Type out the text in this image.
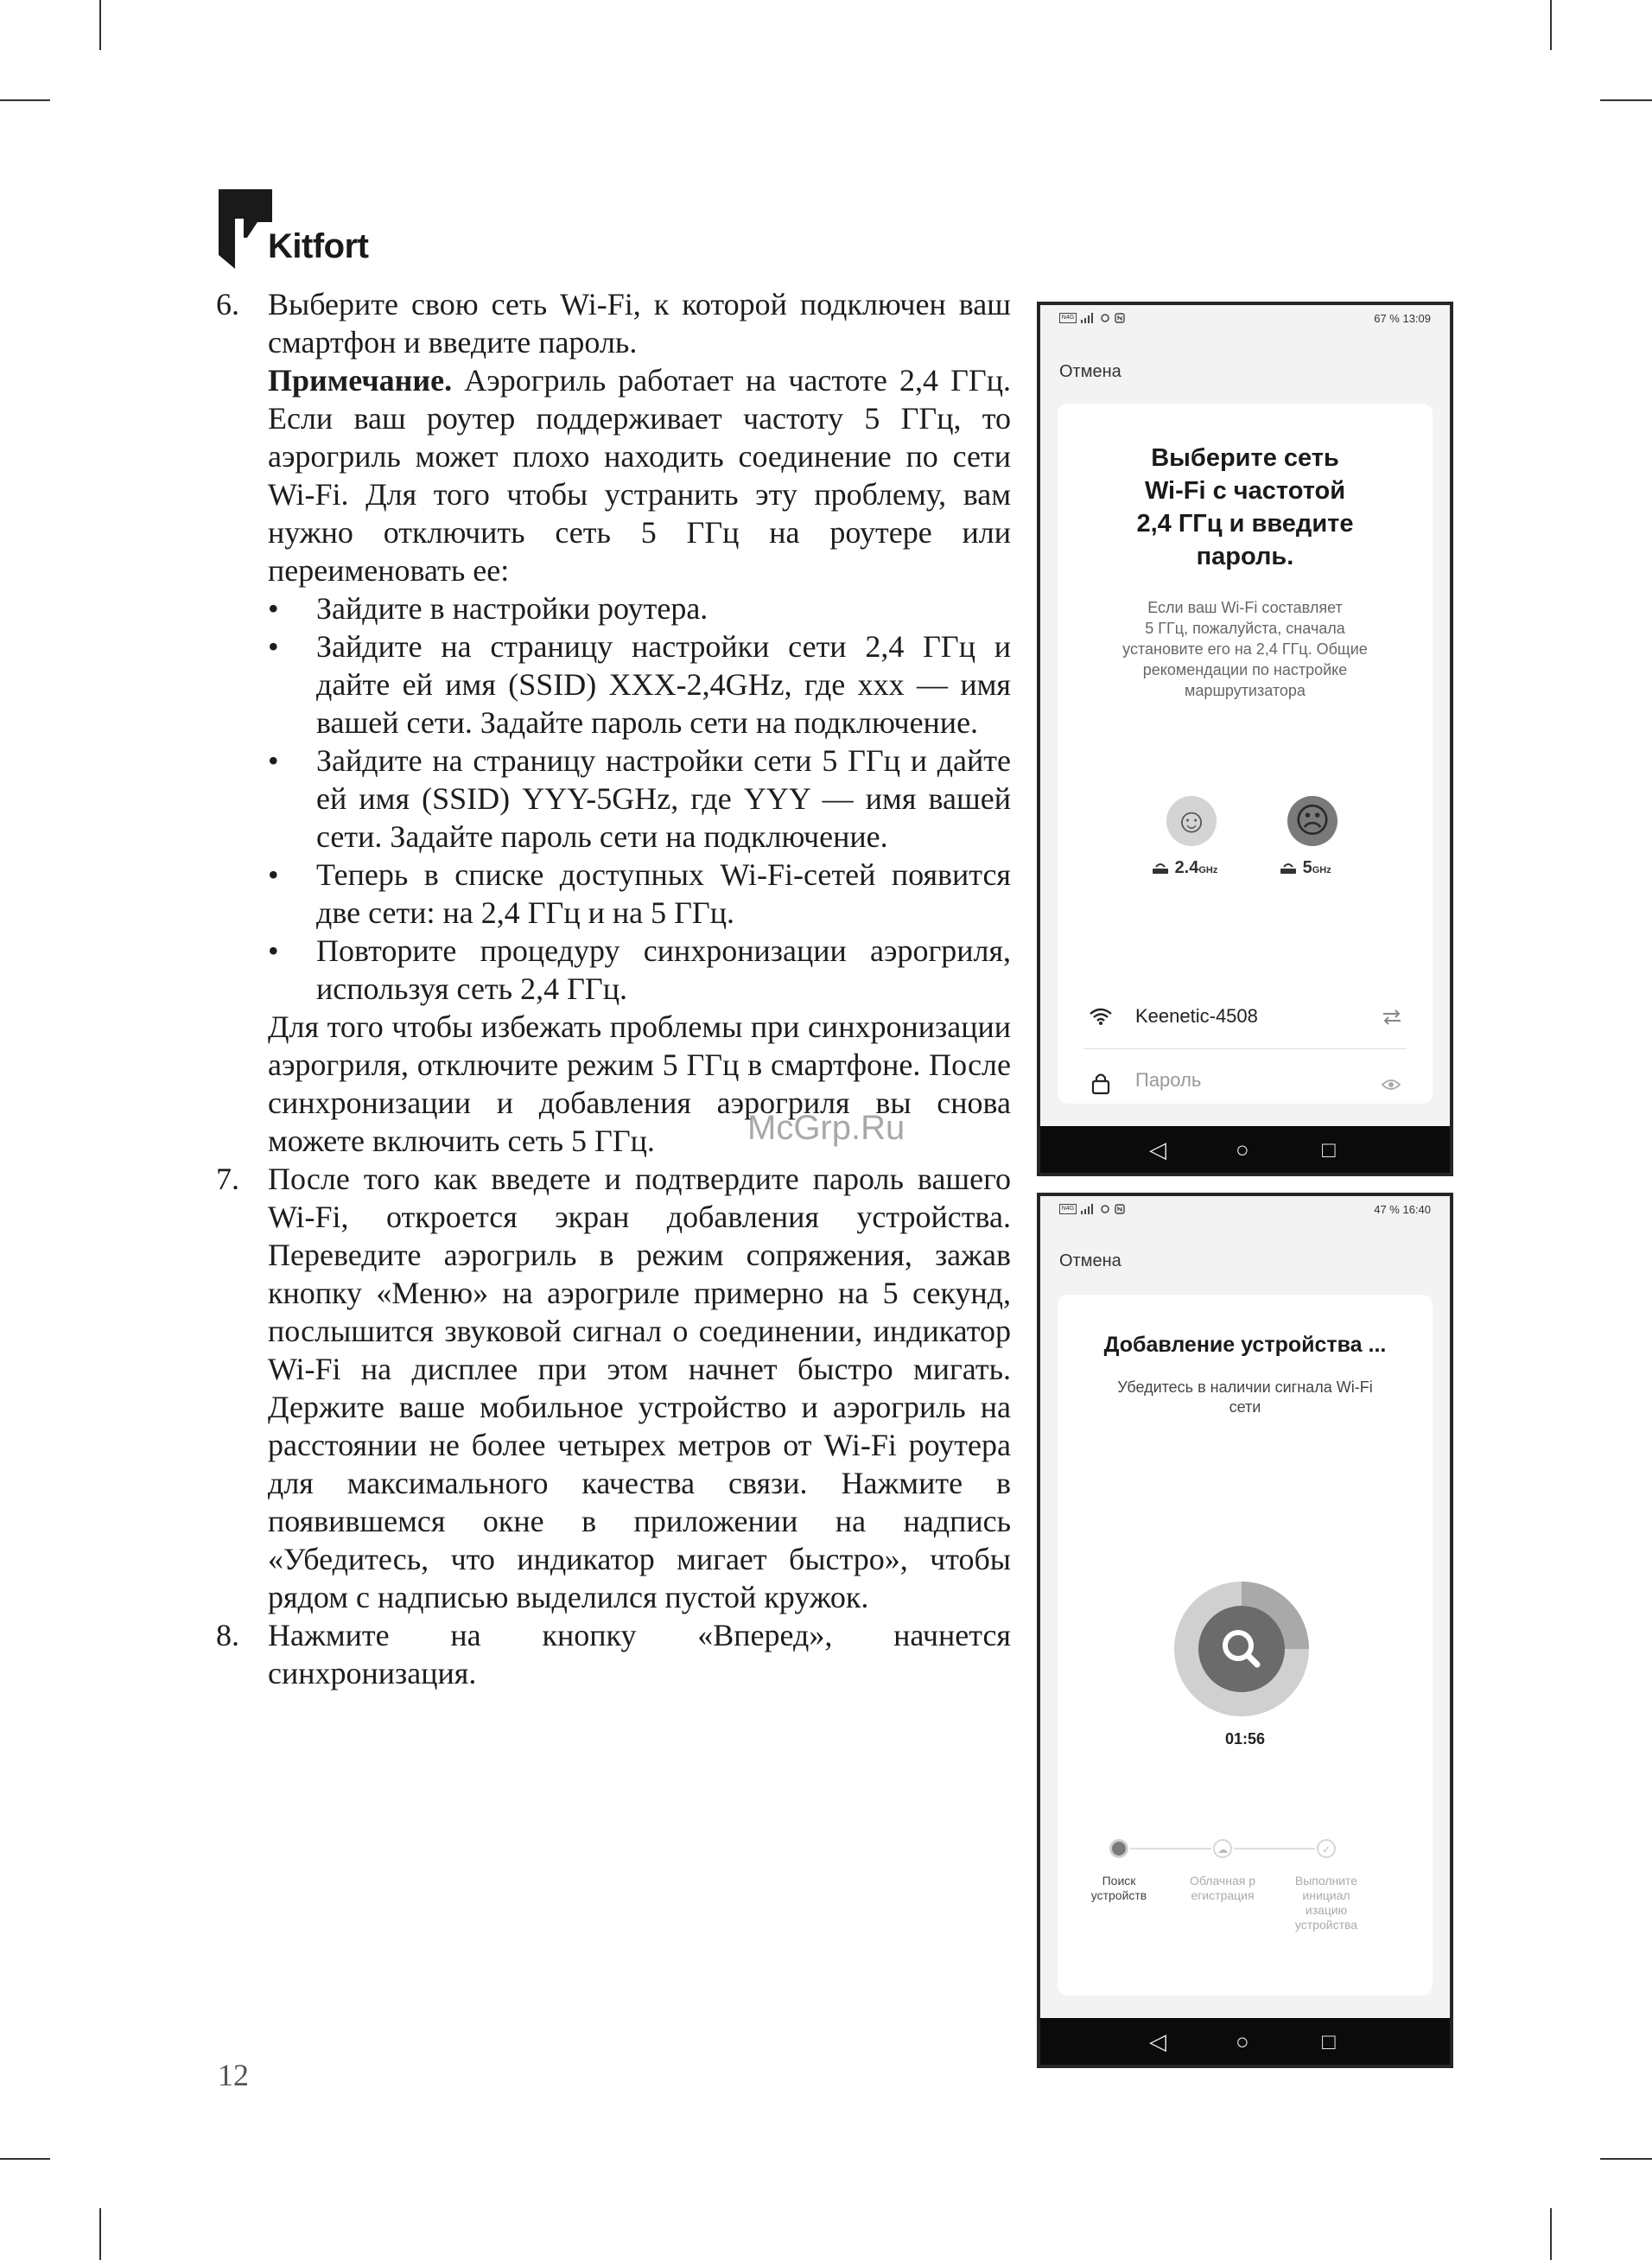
Kitfort
6. Выберите свою сеть Wi-Fi, к которой подключен ваш смартфон и введите пароль.

Примечание. Аэрогриль работает на частоте 2,4 ГГц. Если ваш роутер поддерживает частоту 5 ГГц, то аэрогриль может плохо находить соединение по сети Wi-Fi. Для того чтобы устранить эту проблему, вам нужно отключить сеть 5 ГГц на роутере или переименовать ее:

• Зайдите в настройки роутера.
• Зайдите на страницу настройки сети 2,4 ГГц и дайте ей имя (SSID) XXX-2,4GHz, где xxx — имя вашей сети. Задайте пароль сети на подключение.
• Зайдите на страницу настройки сети 5 ГГц и дайте ей имя (SSID) YYY-5GHz, где YYY — имя вашей сети. Задайте пароль сети на подключение.
• Теперь в списке доступных Wi-Fi-сетей появится две сети: на 2,4 ГГц и на 5 ГГц.
• Повторите процедуру синхронизации аэрогриля, используя сеть 2,4 ГГц.

Для того чтобы избежать проблемы при синхронизации аэрогриля, отключите режим 5 ГГц в смартфоне. После синхронизации и добавления аэрогриля вы снова можете включить сеть 5 ГГц.

7. После того как введете и подтвердите пароль вашего Wi-Fi, откроется экран добавления устройства. Переведите аэрогриль в режим сопряжения, зажав кнопку «Меню» на аэрогриле примерно на 5 секунд, послышится звуковой сигнал о соединении, индикатор Wi-Fi на дисплее при этом начнет быстро мигать. Держите ваше мобильное устройство и аэрогриль на расстоянии не более четырех метров от Wi-Fi роутера для максимального качества связи. Нажмите в появившемся окне в приложении на надпись «Убедитесь, что индикатор мигает быстро», чтобы рядом с надписью выделился пустой кружок.

8. Нажмите на кнопку «Вперед», начнется синхронизация.

McGrp.Ru
12
N4G	67 % 13:09
Отмена
Выберите сеть
Wi-Fi с частотой
2,4 ГГц и введите
пароль.
Если ваш Wi-Fi составляет
5 ГГц, пожалуйста, сначала
установите его на 2,4 ГГц. Общие
рекомендации по настройке
маршрутизатора
☺ ☹
2.4GHz	5GHz
Keenetic-4508
◁	○	□
N4G	47 % 16:40
Отмена
Добавление устройства ...
Убедитесь в наличии сигнала Wi-Fi
сети
01:56
☁	✓
Поиск
устройств
Облачная р
егистрация
Выполните
инициал
изацию
устройства
◁	○	□
